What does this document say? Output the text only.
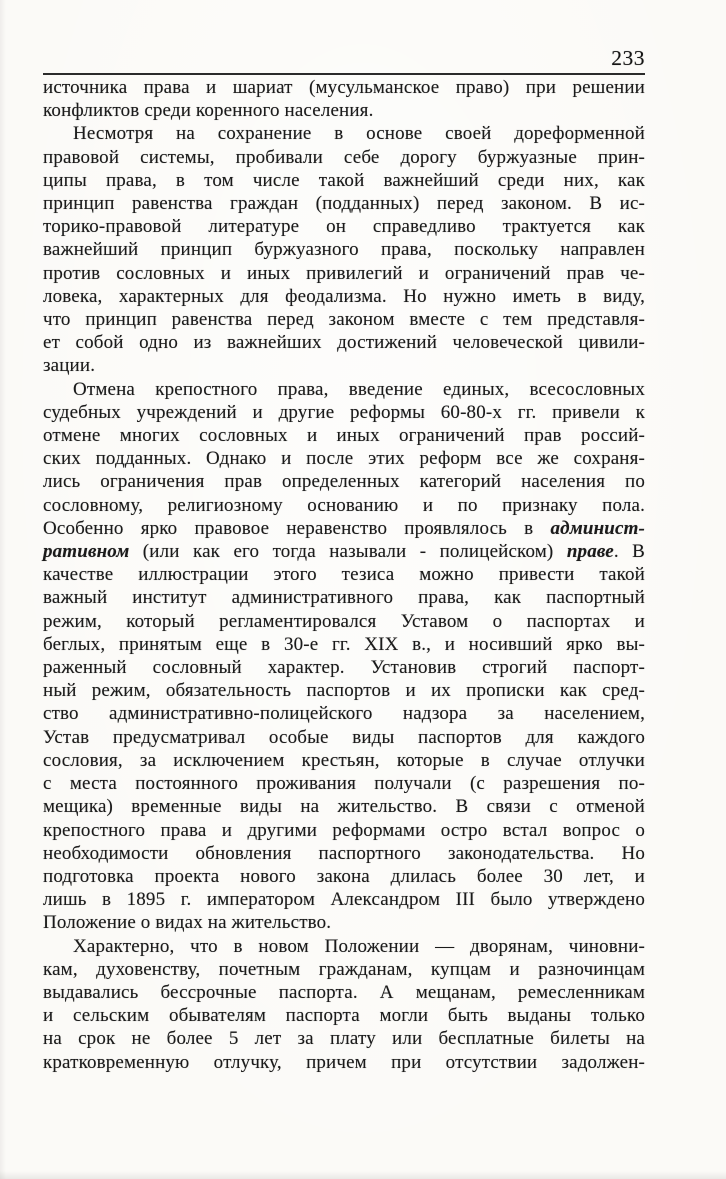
233
источника права и шариат (мусульманское право) при решении
конфликтов среди коренного населения.
Несмотря на сохранение в основе своей дореформенной
правовой системы, пробивали себе дорогу буржуазные прин-
ципы права, в том числе такой важнейший среди них, как
принцип равенства граждан (подданных) перед законом. В ис-
торико-правовой литературе он справедливо трактуется как
важнейший принцип буржуазного права, поскольку направлен
против сословных и иных привилегий и ограничений прав че-
ловека, характерных для феодализма. Но нужно иметь в виду,
что принцип равенства перед законом вместе с тем представля-
ет собой одно из важнейших достижений человеческой цивили-
зации.
Отмена крепостного права, введение единых, всесословных
судебных учреждений и другие реформы 60-80-х гг. привели к
отмене многих сословных и иных ограничений прав россий-
ских подданных. Однако и после этих реформ все же сохраня-
лись ограничения прав определенных категорий населения по
сословному, религиозному основанию и по признаку пола.
Особенно ярко правовое неравенство проявлялось в админист-
ративном (или как его тогда называли - полицейском) праве. В
качестве иллюстрации этого тезиса можно привести такой
важный институт административного права, как паспортный
режим, который регламентировался Уставом о паспортах и
беглых, принятым еще в 30-е гг. XIX в., и носивший ярко вы-
раженный сословный характер. Установив строгий паспорт-
ный режим, обязательность паспортов и их прописки как сред-
ство административно-полицейского надзора за населением,
Устав предусматривал особые виды паспортов для каждого
сословия, за исключением крестьян, которые в случае отлучки
с места постоянного проживания получали (с разрешения по-
мещика) временные виды на жительство. В связи с отменой
крепостного права и другими реформами остро встал вопрос о
необходимости обновления паспортного законодательства. Но
подготовка проекта нового закона длилась более 30 лет, и
лишь в 1895 г. императором Александром III было утверждено
Положение о видах на жительство.
Характерно, что в новом Положении — дворянам, чиновни-
кам, духовенству, почетным гражданам, купцам и разночинцам
выдавались бессрочные паспорта. А мещанам, ремесленникам
и сельским обывателям паспорта могли быть выданы только
на срок не более 5 лет за плату или бесплатные билеты на
кратковременную отлучку, причем при отсутствии задолжен-
